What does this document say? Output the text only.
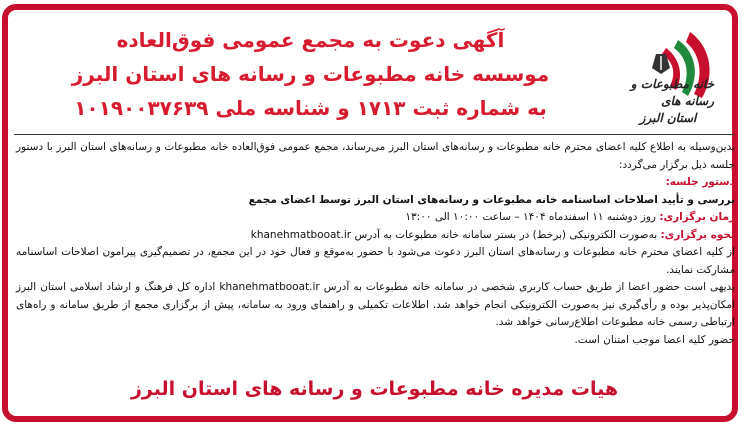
آگهی دعوت به مجمع عمومی فوق‌العاده
موسسه خانه مطبوعات و رسانه های استان البرز
به شماره ثبت ۱۷۱۳ و شناسه ملی ۱۰۱۹۰۰۳۷۶۳۹
خانه مطبوعات و رسانه های
استان البرز

بدین‌وسیله به اطلاع کلیه اعضای محترم خانه مطبوعات و رسانه‌های استان البرز می‌رساند، مجمع عمومی فوق‌العاده خانه مطبوعات و رسانه‌های استان البرز با دستور جلسه ذیل برگزار می‌گردد:

دستور جلسه:

بررسی و تأیید اصلاحات اساسنامه خانه مطبوعات و رسانه‌های استان البرز توسط اعضای مجمع

زمان برگزاری: روز دوشنبه ۱۱ اسفندماه ۱۴۰۴ – ساعت ۱۰:۰۰ الی ۱۳:۰۰

نحوه برگزاری: به‌صورت الکترونیکی (برخط) در بستر سامانه خانه مطبوعات به آدرس khanehmatbooat.ir

از کلیه اعضای محترم خانه مطبوعات و رسانه‌های استان البرز دعوت می‌شود با حضور به‌موقع و فعال خود در این مجمع، در تصمیم‌گیری پیرامون اصلاحات اساسنامه مشارکت نمایند.

بدیهی است حضور اعضا از طریق حساب کاربری شخصی در سامانه خانه مطبوعات به آدرس khanehmatbooat.ir اداره کل فرهنگ و ارشاد اسلامی استان البرز امکان‌پذیر بوده و رأی‌گیری نیز به‌صورت الکترونیکی انجام خواهد شد. اطلاعات تکمیلی و راهنمای ورود به سامانه، پیش از برگزاری مجمع از طریق سامانه و راه‌های ارتباطی رسمی خانه مطبوعات اطلاع‌رسانی خواهد شد.

حضور کلیه اعضا موجب امتنان است.

هیات مدیره خانه مطبوعات و رسانه های استان البرز
